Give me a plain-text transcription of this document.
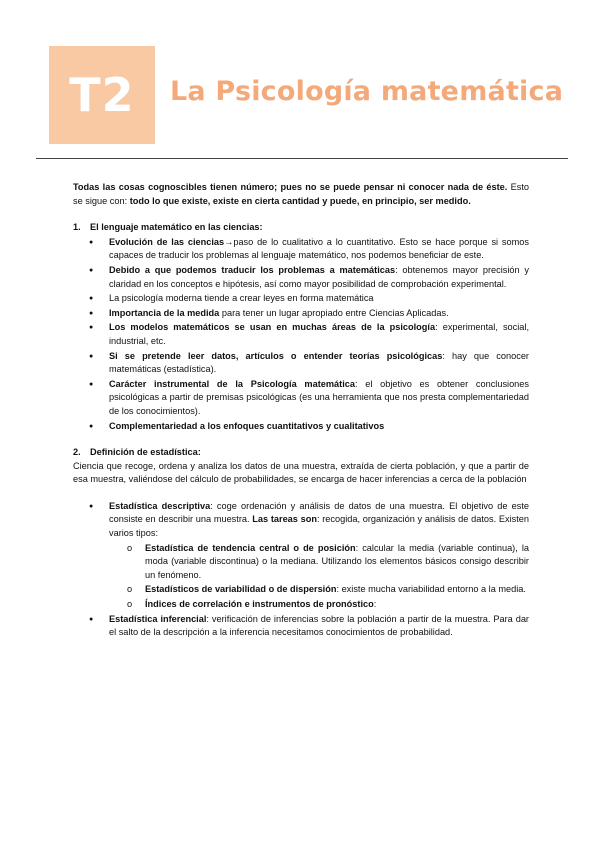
T2 La Psicología matemática

Todas las cosas cognoscibles tienen número; pues no se puede pensar ni conocer nada de éste. Esto se sigue con: todo lo que existe, existe en cierta cantidad y puede, en principio, ser medido.

1.	El lenguaje matemático en las ciencias:
● Evolución de las ciencias→paso de lo cualitativo a lo cuantitativo. Esto se hace porque si somos capaces de traducir los problemas al lenguaje matemático, nos podemos beneficiar de este.
● Debido a que podemos traducir los problemas a matemáticas: obtenemos mayor precisión y claridad en los conceptos e hipótesis, así como mayor posibilidad de comprobación experimental.
● La psicología moderna tiende a crear leyes en forma matemática
● Importancia de la medida para tener un lugar apropiado entre Ciencias Aplicadas.
● Los modelos matemáticos se usan en muchas áreas de la psicología: experimental, social, industrial, etc.
● Si se pretende leer datos, artículos o entender teorías psicológicas: hay que conocer matemáticas (estadística).
● Carácter instrumental de la Psicología matemática: el objetivo es obtener conclusiones psicológicas a partir de premisas psicológicas (es una herramienta que nos presta complementariedad de los conocimientos).
● Complementariedad a los enfoques cuantitativos y cualitativos
2.	Definición de estadística:

Ciencia que recoge, ordena y analiza los datos de una muestra, extraída de cierta población, y que a partir de esa muestra, valiéndose del cálculo de probabilidades, se encarga de hacer inferencias a cerca de la población

● Estadística descriptiva: coge ordenación y análisis de datos de una muestra. El objetivo de este consiste en describir una muestra. Las tareas son: recogida, organización y análisis de datos. Existen varios tipos:
o Estadística de tendencia central o de posición: calcular la media (variable continua), la moda (variable discontinua) o la mediana. Utilizando los elementos básicos consigo describir un fenómeno.
o Estadísticos de variabilidad o de dispersión: existe mucha variabilidad entorno a la media.
o Índices de correlación e instrumentos de pronóstico:
● Estadística inferencial: verificación de inferencias sobre la población a partir de la muestra. Para dar el salto de la descripción a la inferencia necesitamos conocimientos de probabilidad.
